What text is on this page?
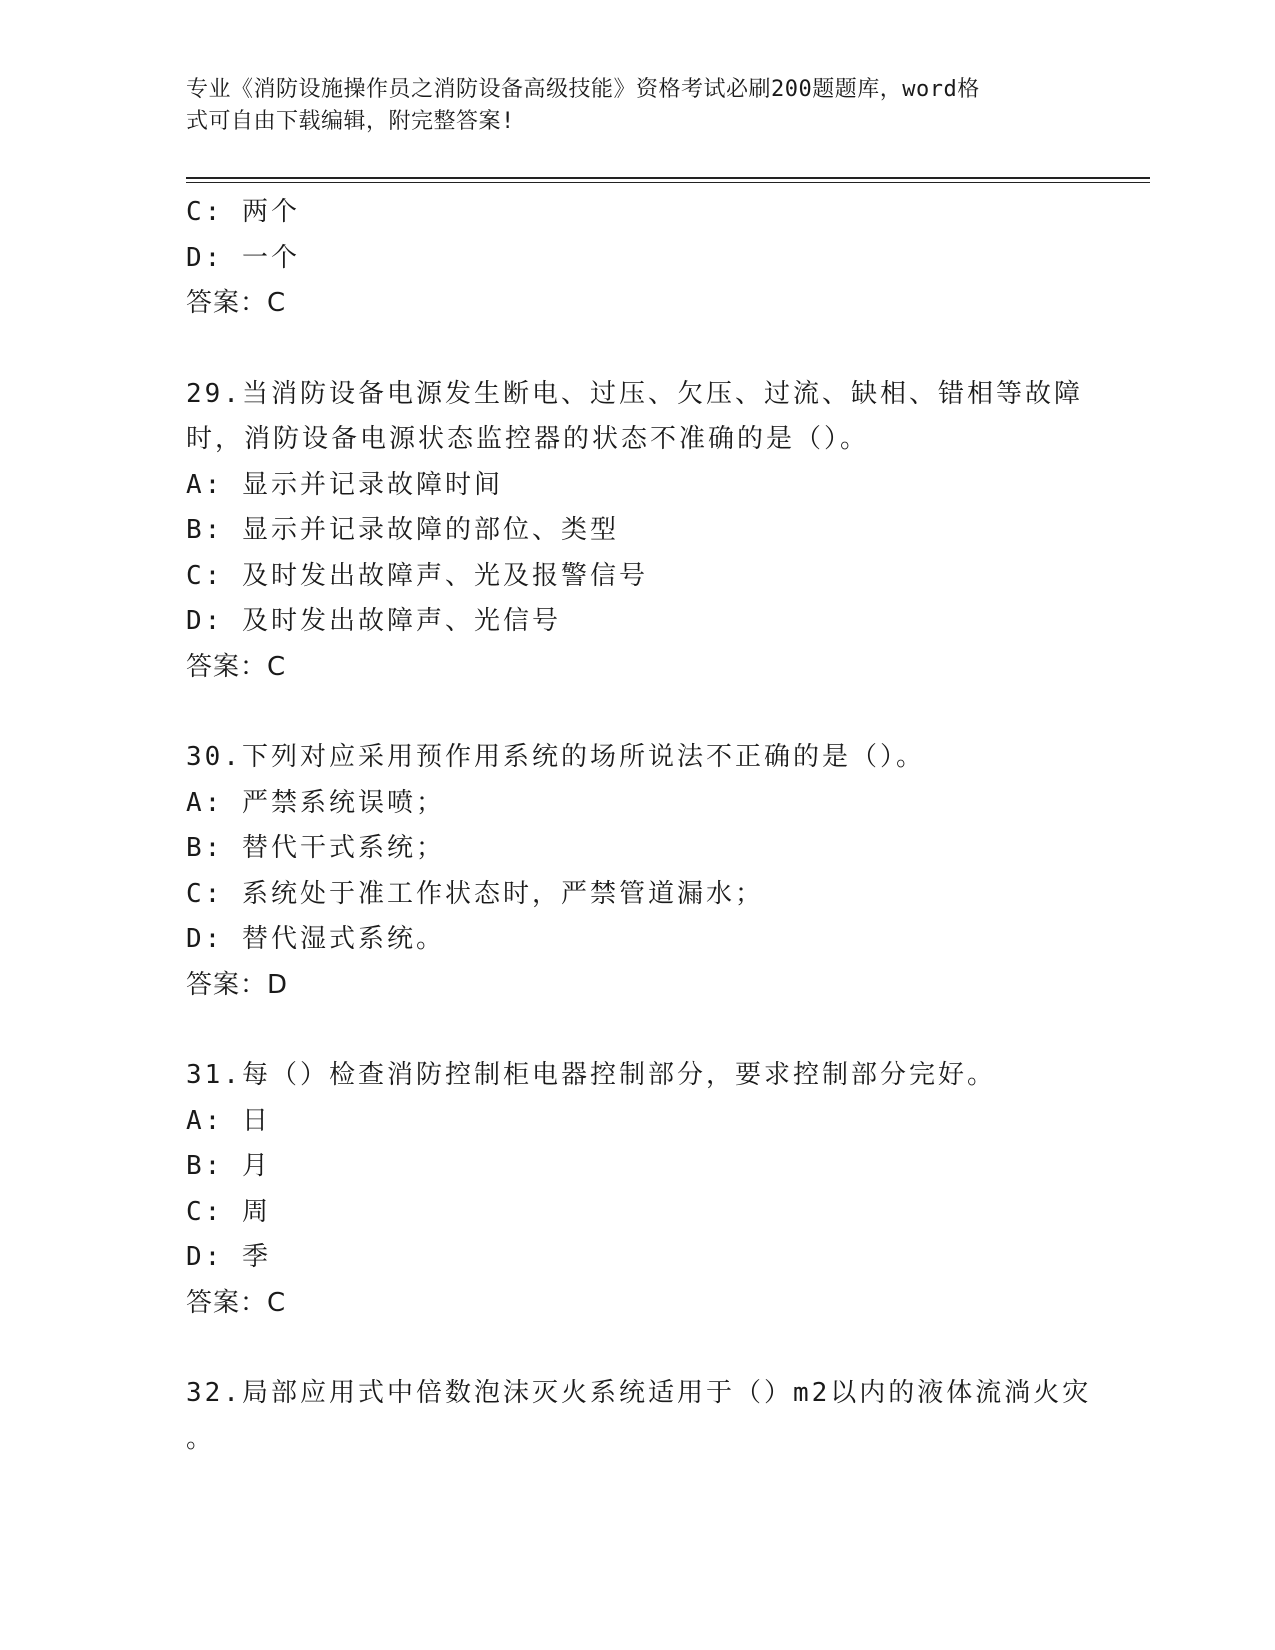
专业《消防设施操作员之消防设备高级技能》资格考试必刷200题题库，word格
式可自由下载编辑，附完整答案!
C: 两个
D: 一个
答案：C
29.当消防设备电源发生断电、过压、欠压、过流、缺相、错相等故障
时，消防设备电源状态监控器的状态不准确的是（）。
A: 显示并记录故障时间
B: 显示并记录故障的部位、类型
C: 及时发出故障声、光及报警信号
D: 及时发出故障声、光信号
答案：C
30.下列对应采用预作用系统的场所说法不正确的是（）。
A: 严禁系统误喷；
B: 替代干式系统；
C: 系统处于准工作状态时，严禁管道漏水；
D: 替代湿式系统。
答案：D
31.每（）检查消防控制柜电器控制部分，要求控制部分完好。
A: 日
B: 月
C: 周
D: 季
答案：C
32.局部应用式中倍数泡沫灭火系统适用于（）m2以内的液体流淌火灾
。
